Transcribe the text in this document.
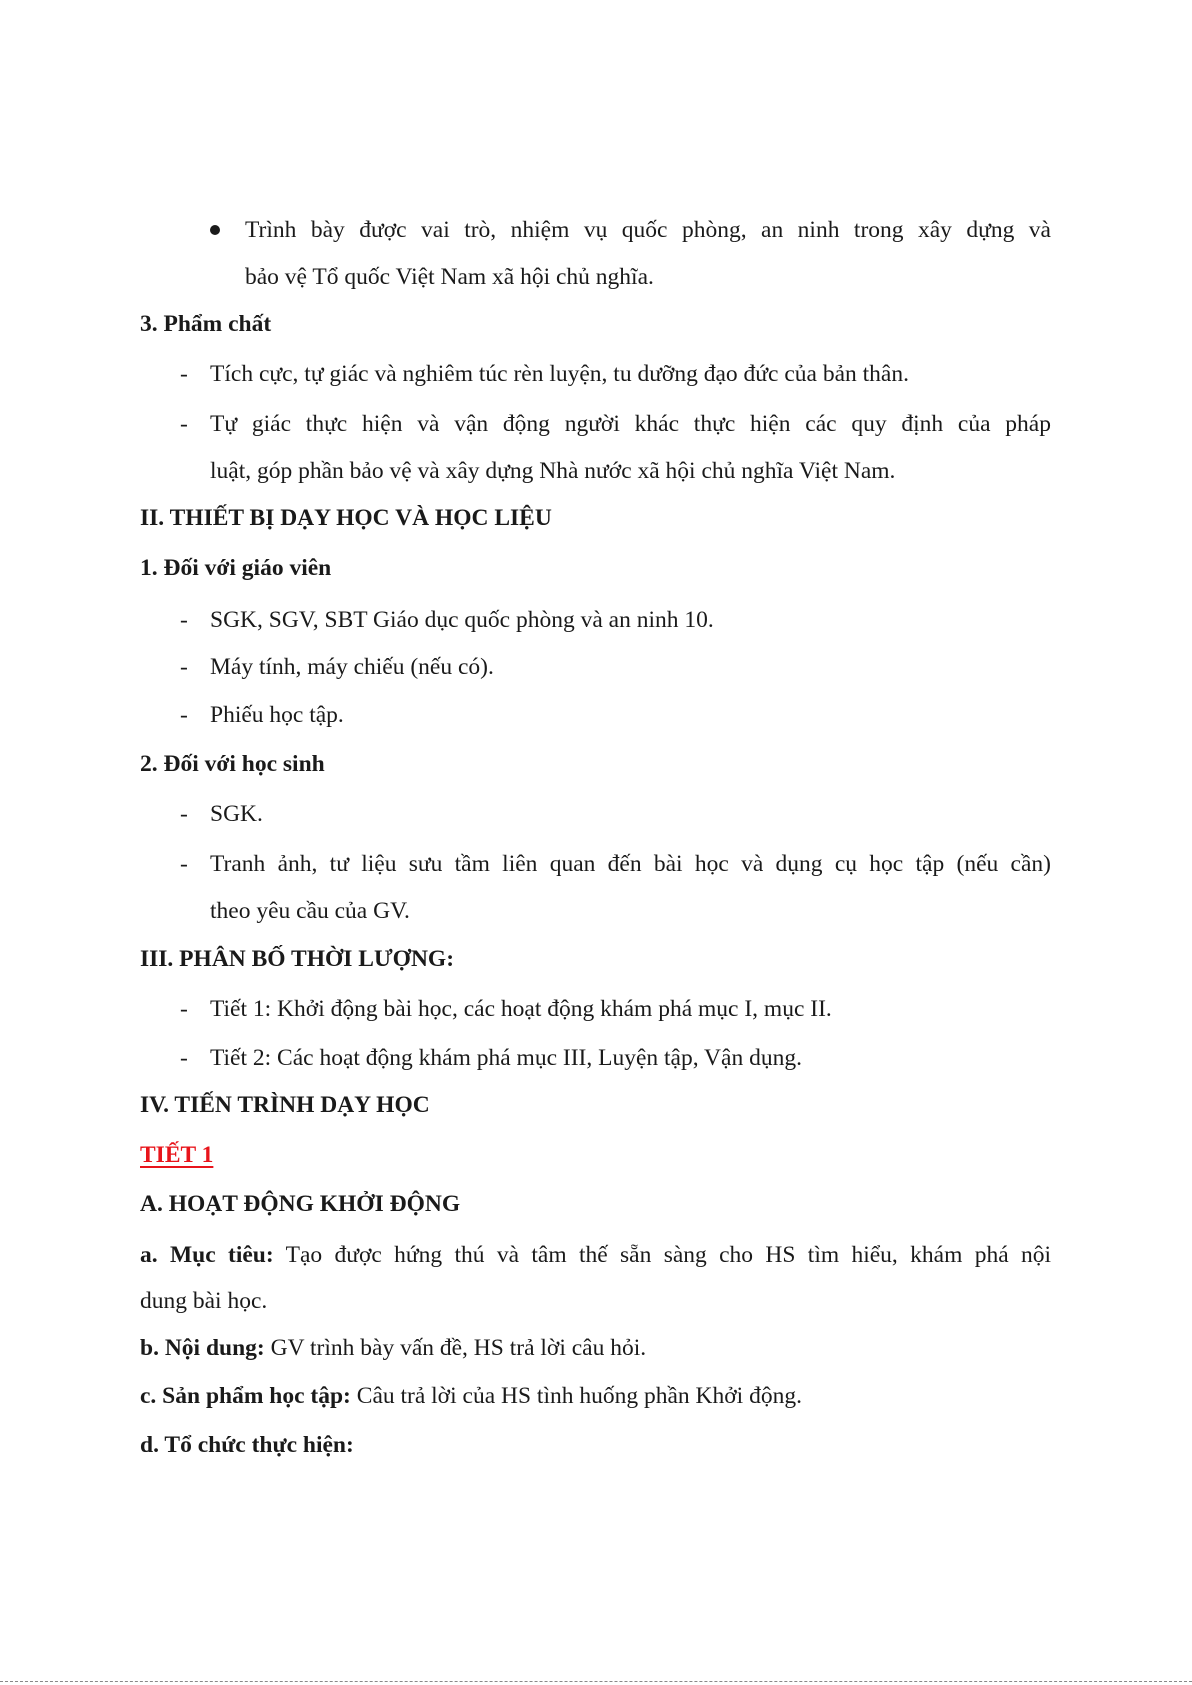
Trình bày được vai trò, nhiệm vụ quốc phòng, an ninh trong xây dựng và
bảo vệ Tổ quốc Việt Nam xã hội chủ nghĩa.
3. Phẩm chất
- Tích cực, tự giác và nghiêm túc rèn luyện, tu dưỡng đạo đức của bản thân.
- Tự giác thực hiện và vận động người khác thực hiện các quy định của pháp
luật, góp phần bảo vệ và xây dựng Nhà nước xã hội chủ nghĩa Việt Nam.
II. THIẾT BỊ DẠY HỌC VÀ HỌC LIỆU
1. Đối với giáo viên
- SGK, SGV, SBT Giáo dục quốc phòng và an ninh 10.
- Máy tính, máy chiếu (nếu có).
- Phiếu học tập.
2. Đối với học sinh
- SGK.
- Tranh ảnh, tư liệu sưu tầm liên quan đến bài học và dụng cụ học tập (nếu cần)
theo yêu cầu của GV.
III. PHÂN BỐ THỜI LƯỢNG:
- Tiết 1: Khởi động bài học, các hoạt động khám phá mục I, mục II.
- Tiết 2: Các hoạt động khám phá mục III, Luyện tập, Vận dụng.
IV. TIẾN TRÌNH DẠY HỌC
TIẾT 1
A. HOẠT ĐỘNG KHỞI ĐỘNG
a. Mục tiêu: Tạo được hứng thú và tâm thế sẵn sàng cho HS tìm hiểu, khám phá nội
dung bài học.
b. Nội dung: GV trình bày vấn đề, HS trả lời câu hỏi.
c. Sản phẩm học tập: Câu trả lời của HS tình huống phần Khởi động.
d. Tổ chức thực hiện:
